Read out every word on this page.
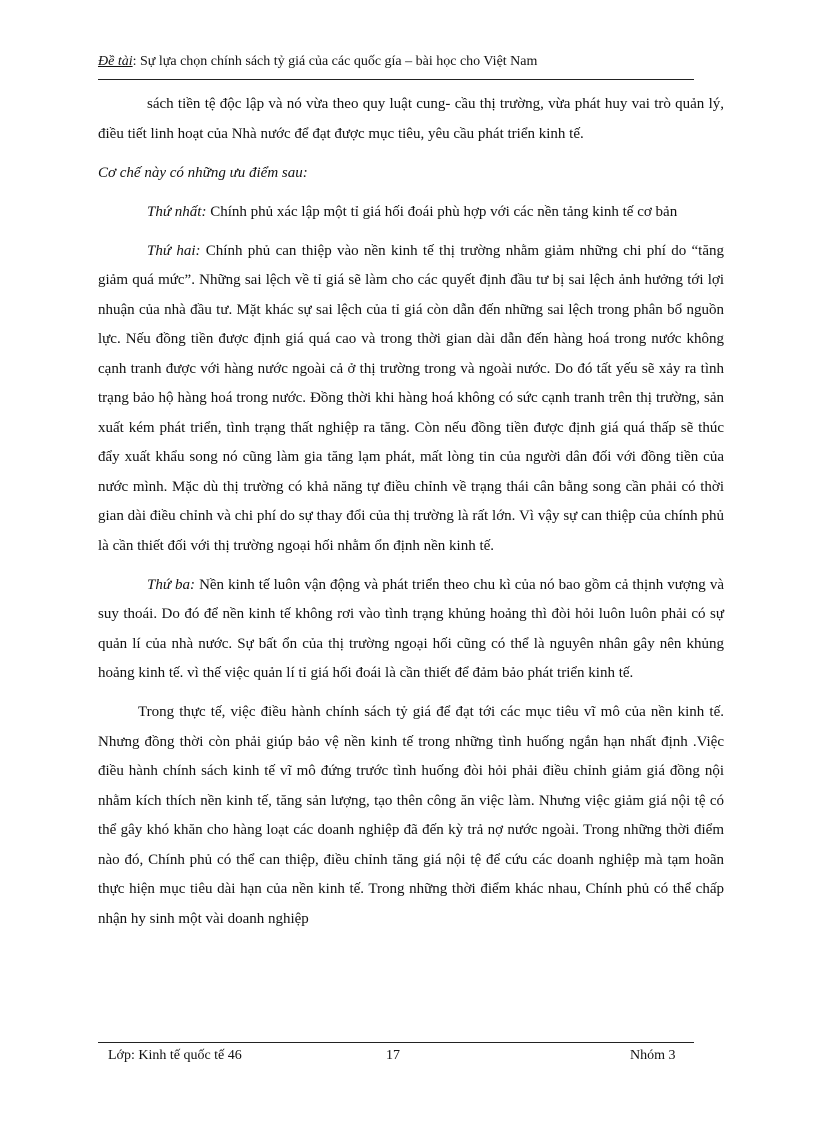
Đề tài: Sự lựa chọn chính sách tỷ giá của các quốc gía – bài học cho Việt Nam

sách tiền tệ độc lập và nó vừa theo quy luật cung- cầu thị trường, vừa phát huy vai trò quản lý, điều tiết linh hoạt của Nhà nước để đạt được mục tiêu, yêu cầu phát triển kinh tế.

Cơ chế này có những ưu điểm sau:

Thứ nhất: Chính phủ xác lập một tỉ giá hối đoái phù hợp với các nền tảng kinh tế cơ bản

Thứ hai: Chính phủ can thiệp vào nền kinh tế thị trường nhằm giảm những chi phí do “tăng giảm quá mức”. Những sai lệch về tỉ giá sẽ làm cho các quyết định đầu tư bị sai lệch ảnh hưởng tới lợi nhuận của nhà đầu tư. Mặt khác sự sai lệch của tỉ giá còn dẫn đến những sai lệch trong phân bổ nguồn lực. Nếu đồng tiền được định giá quá cao và trong thời gian dài dẫn đến hàng hoá trong nước không cạnh tranh được với hàng nước ngoài cả ở thị trường trong và ngoài nước. Do đó tất yếu sẽ xảy ra tình trạng bảo hộ hàng hoá trong nước. Đồng thời khi hàng hoá không có sức cạnh tranh trên thị trường, sản xuất kém phát triển, tình trạng thất nghiệp ra tăng. Còn nếu đồng tiền được định giá quá thấp sẽ thúc đẩy xuất khẩu song nó cũng làm gia tăng lạm phát, mất lòng tin của người dân đối với đồng tiền của nước mình. Mặc dù thị trường có khả năng tự điều chỉnh về trạng thái cân bằng song cần phải có thời gian dài điều chỉnh và chi phí do sự thay đổi của thị trường là rất lớn. Vì vậy sự can thiệp của chính phủ là cần thiết đối với thị trường ngoại hối nhằm ổn định nền kinh tế.

Thứ ba: Nền kinh tế luôn vận động và phát triển theo chu kì của nó bao gồm cả thịnh vượng và suy thoái. Do đó để nền kinh tế không rơi vào tình trạng khủng hoảng thì đòi hỏi luôn luôn phải có sự quản lí của nhà nước. Sự bất ổn của thị trường ngoại hối cũng có thể là nguyên nhân gây nên khủng hoảng kinh tế. vì thế việc quản lí tỉ giá hối đoái là cần thiết để đảm bảo phát triển kinh tế.

Trong thực tế, việc điều hành chính sách tỷ giá để đạt tới các mục tiêu vĩ mô của nền kinh tế. Nhưng đồng thời còn phải giúp bảo vệ nền kinh tế trong những tình huống ngắn hạn nhất định .Việc điều hành chính sách kinh tế vĩ mô đứng trước tình huống đòi hỏi phải điều chỉnh giảm giá đồng nội nhằm kích thích nền kinh tế, tăng sản lượng, tạo thên công ăn việc làm. Nhưng việc giảm giá nội tệ có thể gây khó khăn cho hàng loạt các doanh nghiệp đã đến kỳ trả nợ nước ngoài. Trong những thời điểm nào đó, Chính phủ có thể can thiệp, điều chỉnh tăng giá nội tệ để cứu các doanh nghiệp mà tạm hoãn thực hiện mục tiêu dài hạn của nền kinh tế. Trong những thời điểm khác nhau, Chính phủ có thể chấp nhận hy sinh một vài doanh nghiệp

Lớp: Kinh tế quốc tế 46	17	Nhóm 3
